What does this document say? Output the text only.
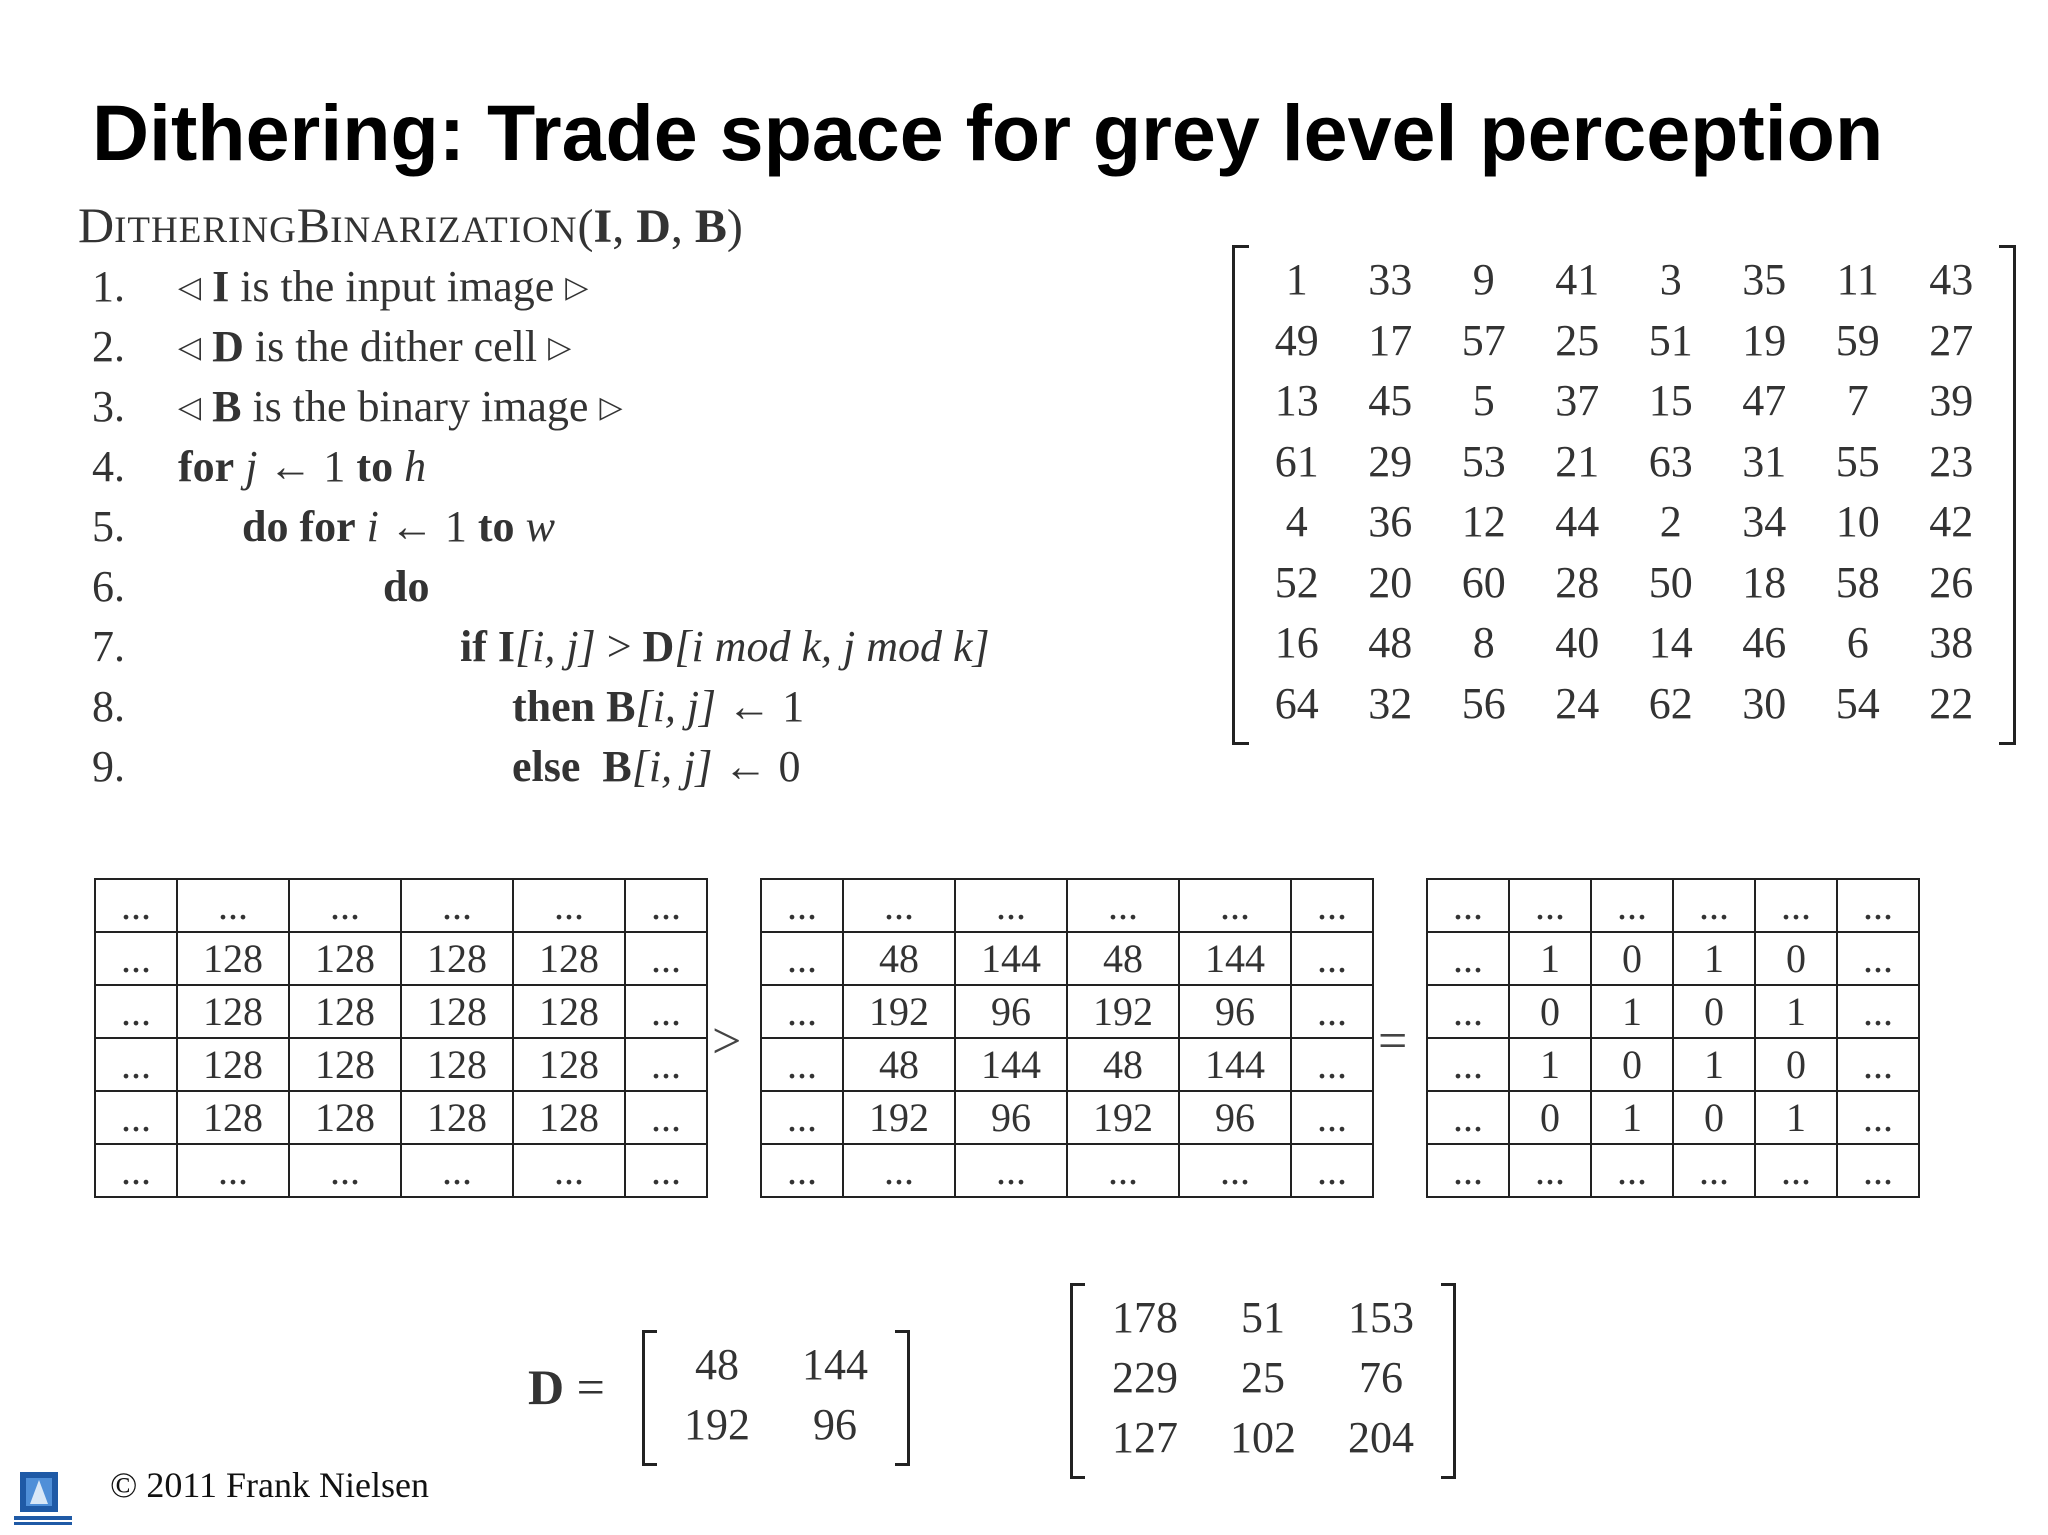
Dithering: Trade space for grey level perception
DITHERINGBINARIZATION(I, D, B)
1. ◁ I is the input image ▷
2. ◁ D is the dither cell ▷
3. ◁ B is the binary image ▷
4. for j ← 1 to h
5.	do for i ← 1 to w
6.	do
7.	if I[i, j] > D[i mod k, j mod k]
8.	then B[i, j] ← 1
9.	else B[i, j] ← 0
1	33	9	41	3	35	11	43
49	17	57	25	51	19	59	27
13	45	5	37	15	47	7	39
61	29	53	21	63	31	55	23
4	36	12	44	2	34	10	42
52	20	60	28	50	18	58	26
16	48	8	40	14	46	6	38
64	32	56	24	62	30	54	22
...	...	...	...	...	...
...	128	128	128	128	...
...	128	128	128	128	...
...	128	128	128	128	...
...	128	128	128	128	...
...	...	...	...	...	...
>
...	...	...	...	...	...
...	48	144	48	144	...
...	192	96	192	96	...
...	48	144	48	144	...
...	192	96	192	96	...
...	...	...	...	...	...
=
...	...	...	...	...	...
...	1	0	1	0	...
...	0	1	0	1	...
...	1	0	1	0	...
...	0	1	0	1	...
...	...	...	...	...	...
D =	48	144
192	96
178	51	153
229	25	76
127	102	204
© 2011 Frank Nielsen
